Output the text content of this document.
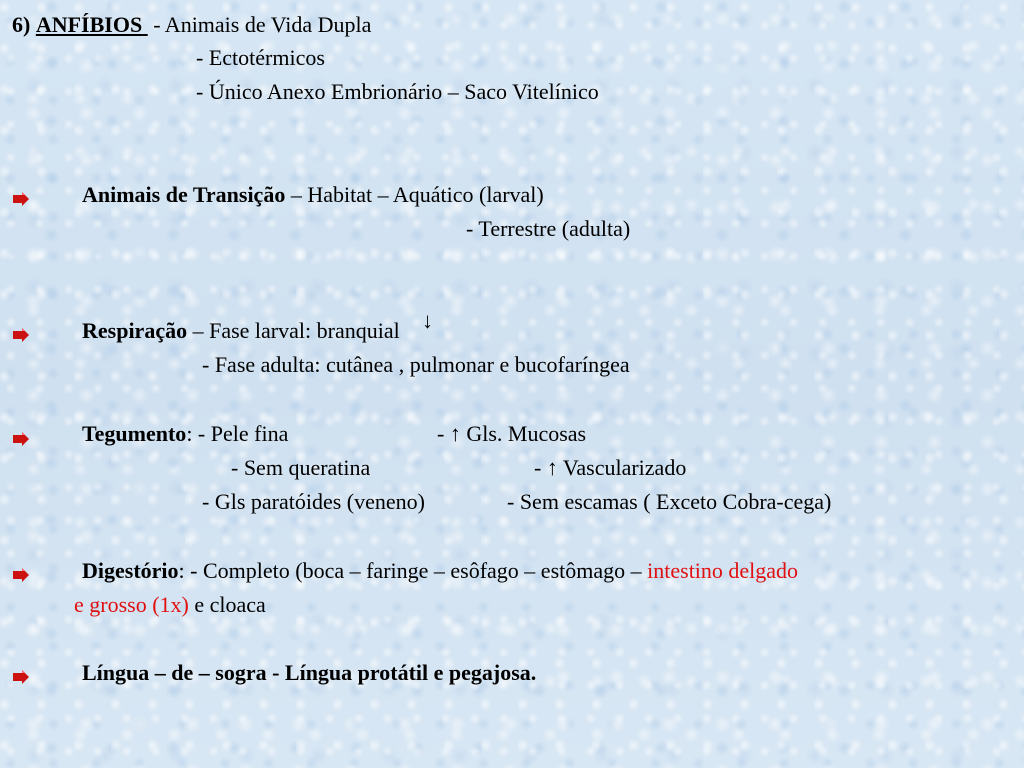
6) ANFÍBIOS - Animais de Vida Dupla
- Ectotérmicos
- Único Anexo Embrionário – Saco Vitelínico
Animais de Transição – Habitat – Aquático (larval)
- Terrestre (adulta)
Respiração – Fase larval: branquial ↓
- Fase adulta: cutânea , pulmonar e bucofaríngea
Tegumento: - Pele fina	- ↑ Gls. Mucosas
- Sem queratina	- ↑ Vascularizado
- Gls paratóides (veneno)	- Sem escamas ( Exceto Cobra-cega)
Digestório: - Completo (boca – faringe – esôfago – estômago – intestino delgado
e grosso (1x) e cloaca
Língua – de – sogra - Língua protátil e pegajosa.
